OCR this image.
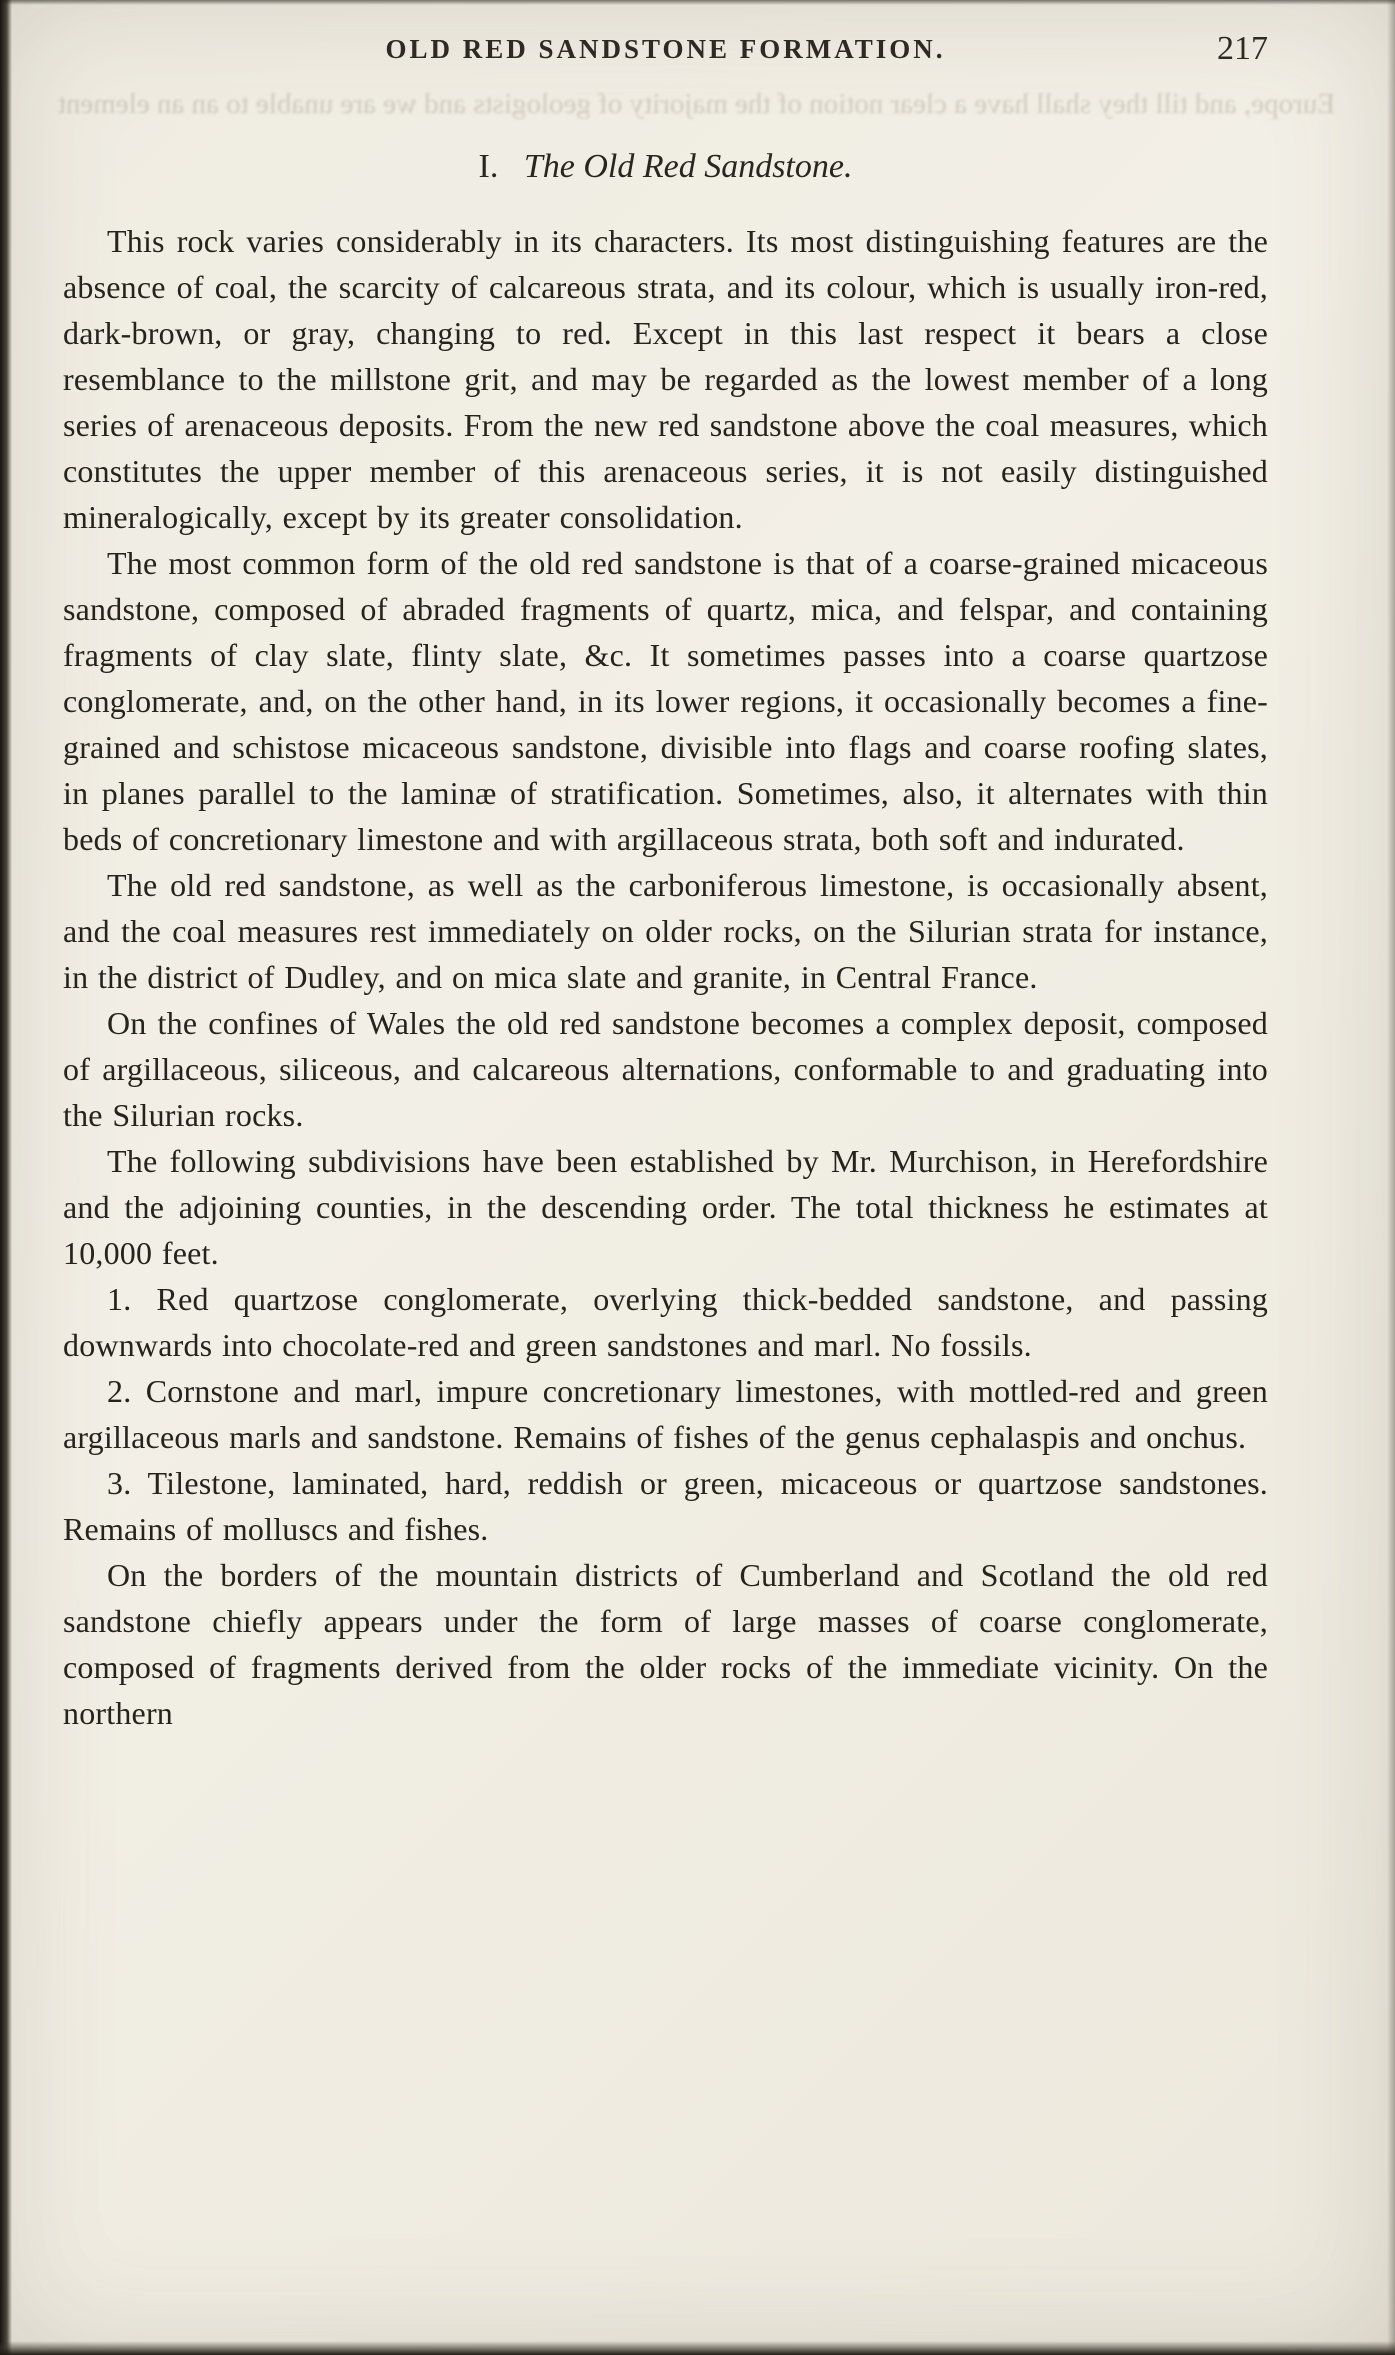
Europe, and till they shall have a clear notion of the majority of geologists and we are unable to an an element
OLD RED SANDSTONE FORMATION.	217
I. The Old Red Sandstone.

This rock varies considerably in its characters. Its most distinguishing features are the absence of coal, the scarcity of calcareous strata, and its colour, which is usually iron-red, dark-brown, or gray, changing to red. Except in this last respect it bears a close resemblance to the millstone grit, and may be regarded as the lowest member of a long series of arenaceous deposits. From the new red sandstone above the coal measures, which constitutes the upper member of this arenaceous series, it is not easily distinguished mineralogically, except by its greater consolidation.

The most common form of the old red sandstone is that of a coarse-grained micaceous sandstone, composed of abraded fragments of quartz, mica, and felspar, and containing fragments of clay slate, flinty slate, &c. It sometimes passes into a coarse quartzose conglomerate, and, on the other hand, in its lower regions, it occasionally becomes a fine-grained and schistose micaceous sandstone, divisible into flags and coarse roofing slates, in planes parallel to the laminæ of stratification. Sometimes, also, it alternates with thin beds of concretionary limestone and with argillaceous strata, both soft and indurated.

The old red sandstone, as well as the carboniferous limestone, is occasionally absent, and the coal measures rest immediately on older rocks, on the Silurian strata for instance, in the district of Dudley, and on mica slate and granite, in Central France.

On the confines of Wales the old red sandstone becomes a complex deposit, composed of argillaceous, siliceous, and calcareous alternations, conformable to and graduating into the Silurian rocks.

The following subdivisions have been established by Mr. Murchison, in Herefordshire and the adjoining counties, in the descending order. The total thickness he estimates at 10,000 feet.

1. Red quartzose conglomerate, overlying thick-bedded sandstone, and passing downwards into chocolate-red and green sandstones and marl. No fossils.

2. Cornstone and marl, impure concretionary limestones, with mottled-red and green argillaceous marls and sandstone. Remains of fishes of the genus cephalaspis and onchus.

3. Tilestone, laminated, hard, reddish or green, micaceous or quartzose sandstones. Remains of molluscs and fishes.

On the borders of the mountain districts of Cumberland and Scotland the old red sandstone chiefly appears under the form of large masses of coarse conglomerate, composed of fragments derived from the older rocks of the immediate vicinity. On the northern
